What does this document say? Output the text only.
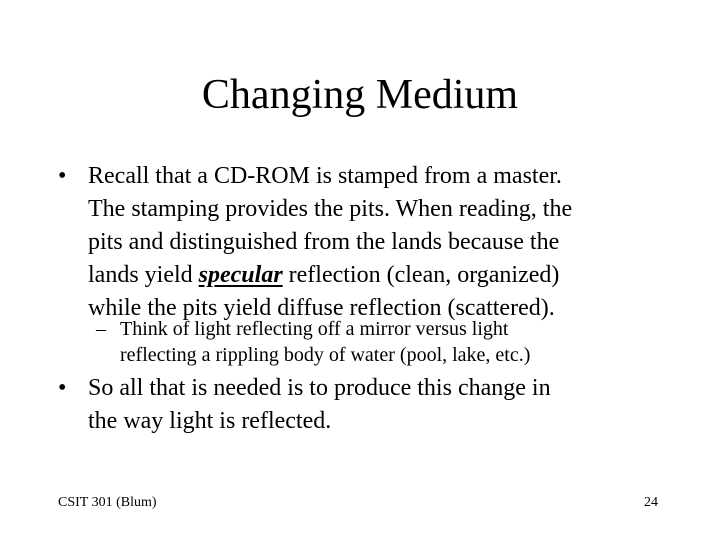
Changing Medium
• Recall that a CD-ROM is stamped from a master.
The stamping provides the pits. When reading, the
pits and distinguished from the lands because the
lands yield specular reflection (clean, organized)
while the pits yield diffuse reflection (scattered).
– Think of light reflecting off a mirror versus light
reflecting a rippling body of water (pool, lake, etc.)
• So all that is needed is to produce this change in
the way light is reflected.
CSIT 301 (Blum)	24
